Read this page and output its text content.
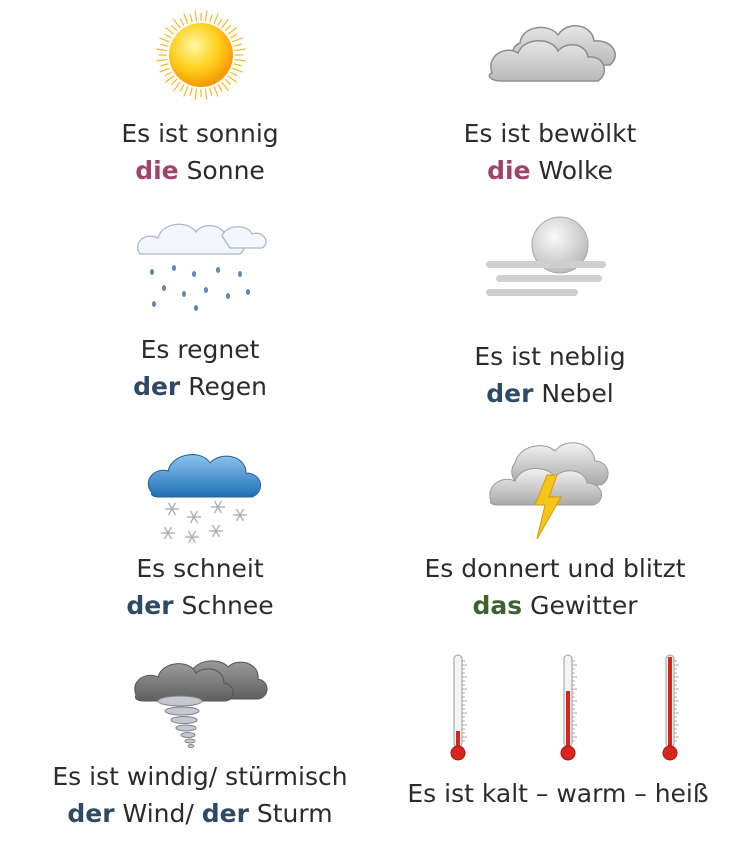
Es ist sonnig
die Sonne
Es ist bewölkt
die Wolke
Es regnet
der Regen
Es ist neblig
der Nebel
Es schneit
der Schnee
Es donnert und blitzt
das Gewitter
Es ist windig/ stürmisch
der Wind/ der Sturm
Es ist kalt – warm – heiß
